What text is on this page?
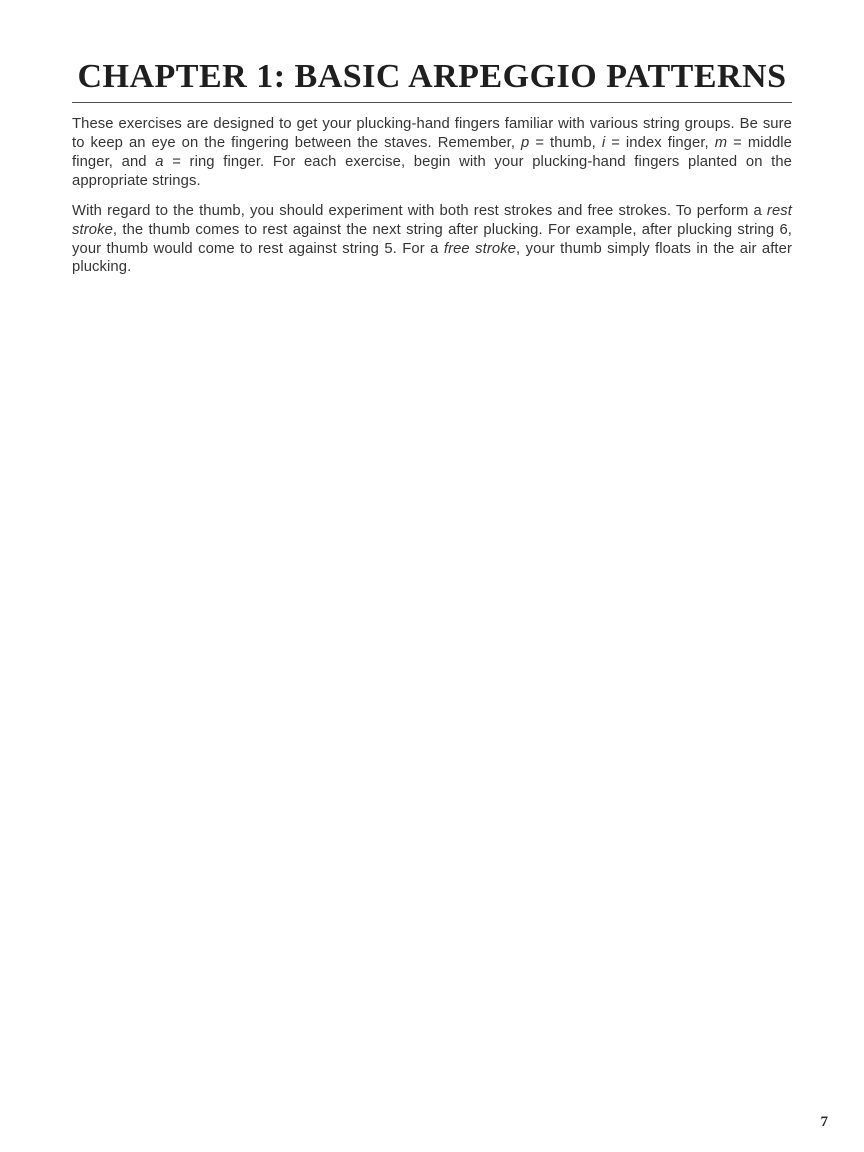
CHAPTER 1: BASIC ARPEGGIO PATTERNS

These exercises are designed to get your plucking-hand fingers familiar with various string groups. Be sure to keep an eye on the fingering between the staves. Remember, p = thumb, i = index finger, m = middle finger, and a = ring finger. For each exercise, begin with your plucking-hand fingers planted on the appropriate strings.

With regard to the thumb, you should experiment with both rest strokes and free strokes. To perform a rest stroke, the thumb comes to rest against the next string after plucking. For example, after plucking string 6, your thumb would come to rest against string 5. For a free stroke, your thumb simply floats in the air after plucking.

7
